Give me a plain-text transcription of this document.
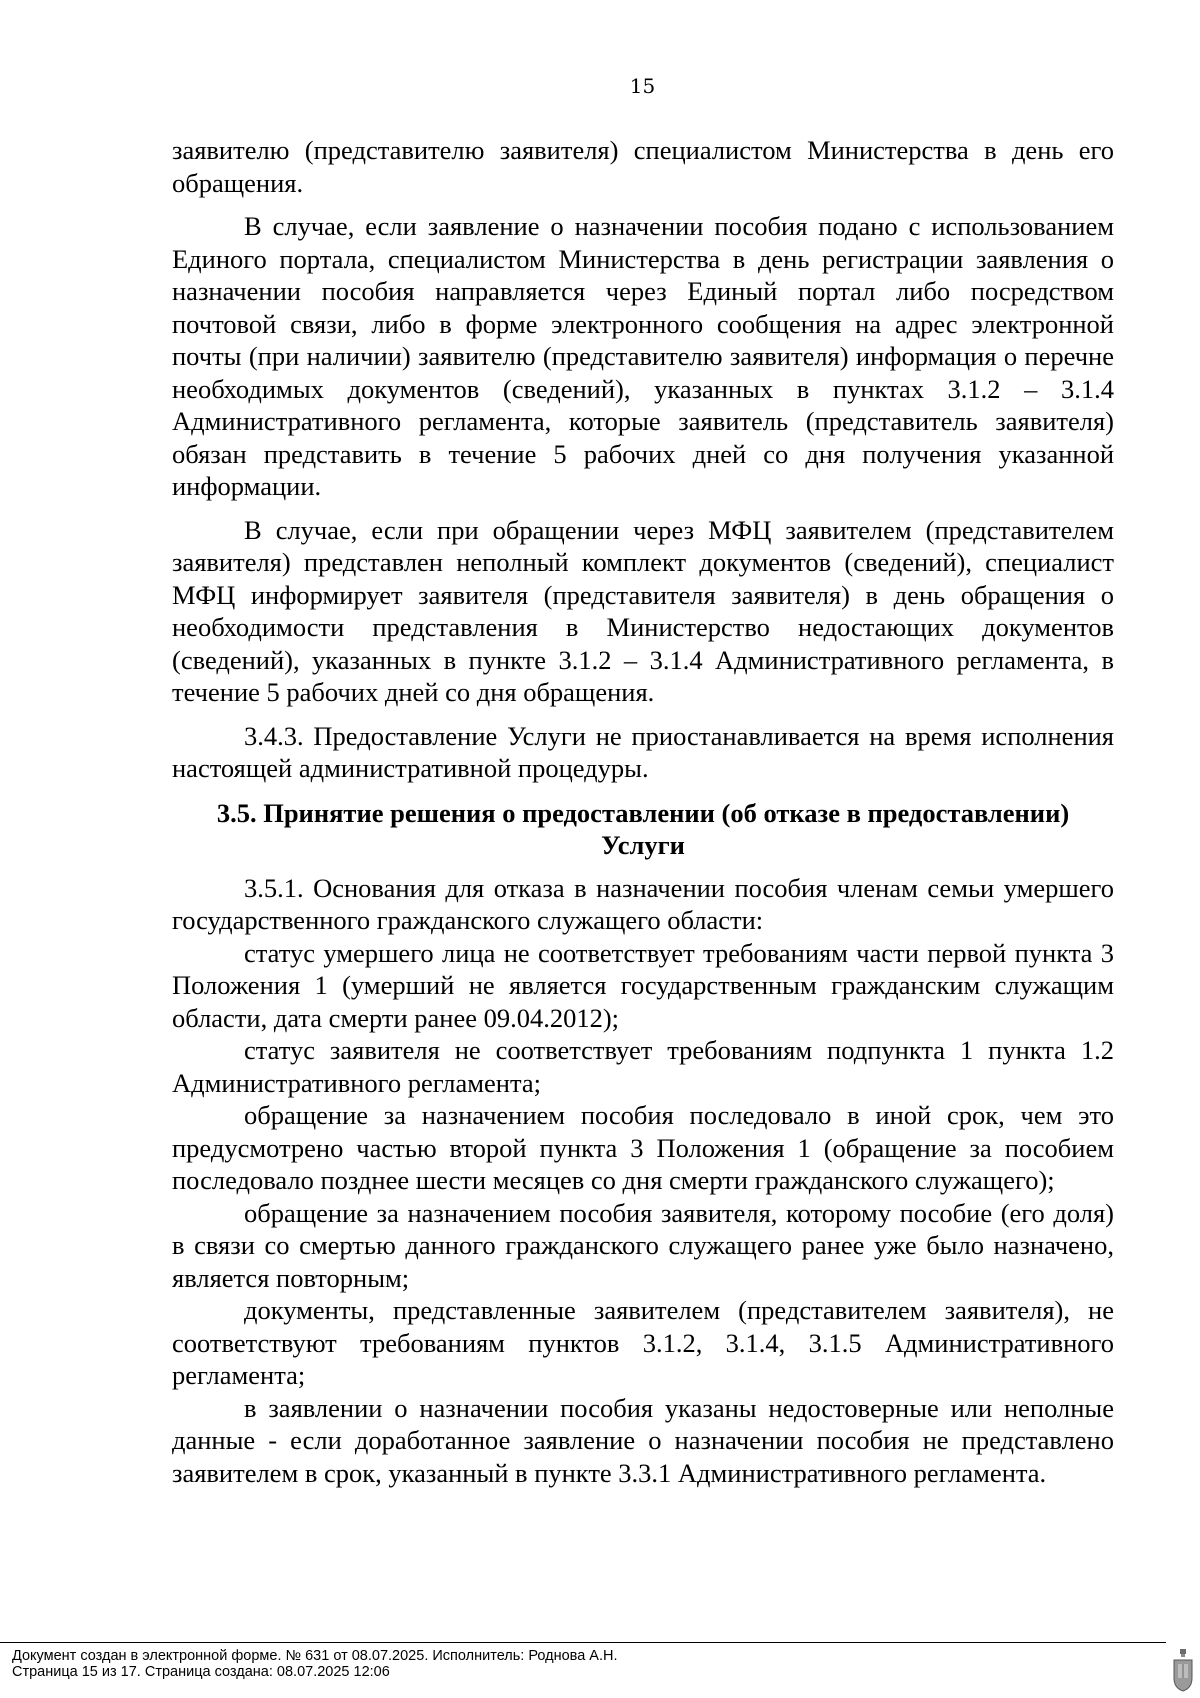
15

заявителю (представителю заявителя) специалистом Министерства в день его обращения.

В случае, если заявление о назначении пособия подано с использованием Единого портала, специалистом Министерства в день регистрации заявления о назначении пособия направляется через Единый портал либо посредством почтовой связи, либо в форме электронного сообщения на адрес электронной почты (при наличии) заявителю (представителю заявителя) информация о перечне необходимых документов (сведений), указанных в пунктах 3.1.2 – 3.1.4 Административного регламента, которые заявитель (представитель заявителя) обязан представить в течение 5 рабочих дней со дня получения указанной информации.

В случае, если при обращении через МФЦ заявителем (представителем заявителя) представлен неполный комплект документов (сведений), специалист МФЦ информирует заявителя (представителя заявителя) в день обращения о необходимости представления в Министерство недостающих документов (сведений), указанных в пункте 3.1.2 – 3.1.4 Административного регламента, в течение 5 рабочих дней со дня обращения.

3.4.3. Предоставление Услуги не приостанавливается на время исполнения настоящей административной процедуры.

3.5. Принятие решения о предоставлении (об отказе в предоставлении) Услуги

3.5.1. Основания для отказа в назначении пособия членам семьи умершего государственного гражданского служащего области:

статус умершего лица не соответствует требованиям части первой пункта 3 Положения 1 (умерший не является государственным гражданским служащим области, дата смерти ранее 09.04.2012);

статус заявителя не соответствует требованиям подпункта 1 пункта 1.2 Административного регламента;

обращение за назначением пособия последовало в иной срок, чем это предусмотрено частью второй пункта 3 Положения 1 (обращение за пособием последовало позднее шести месяцев со дня смерти гражданского служащего);

обращение за назначением пособия заявителя, которому пособие (его доля) в связи со смертью данного гражданского служащего ранее уже было назначено, является повторным;

документы, представленные заявителем (представителем заявителя), не соответствуют требованиям пунктов 3.1.2, 3.1.4, 3.1.5 Административного регламента;

в заявлении о назначении пособия указаны недостоверные или неполные данные - если доработанное заявление о назначении пособия не представлено заявителем в срок, указанный в пункте 3.3.1 Административного регламента.

Документ создан в электронной форме. № 631 от 08.07.2025. Исполнитель: Роднова А.Н.
Страница 15 из 17. Страница создана: 08.07.2025 12:06
